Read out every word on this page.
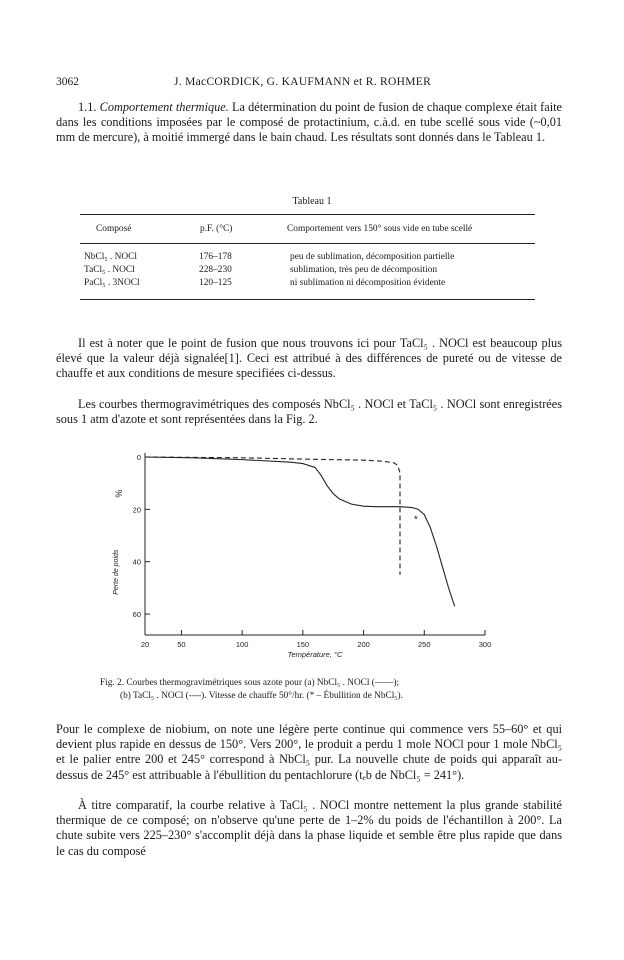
3062	J. MacCORDICK, G. KAUFMANN et R. ROHMER

1.1. Comportement thermique. La détermination du point de fusion de chaque complexe était faite dans les conditions imposées par le composé de protactinium, c.à.d. en tube scellé sous vide (~0,01 mm de mercure), à moitié immergé dans le bain chaud. Les résultats sont donnés dans le Tableau 1.

Tableau 1
Composé	p.F. (°C)	Comportement vers 150° sous vide en tube scellé
NbCl₅ . NOCl	176–178	peu de sublimation, décomposition partielle
TaCl₅ . NOCl	228–230	sublimation, très peu de décomposition
PaCl₅ . 3NOCl	120–125	ni sublimation ni décomposition évidente

Il est à noter que le point de fusion que nous trouvons ici pour TaCl₅ . NOCl est beaucoup plus élevé que la valeur déjà signalée[1]. Ceci est attribué à des différences de pureté ou de vitesse de chauffe et aux conditions de mesure specifiées ci-dessus.

Les courbes thermogravimétriques des composés NbCl₅ . NOCl et TaCl₅ . NOCl sont enregistrées sous 1 atm d'azote et sont représentées dans la Fig. 2.

20	50	100	150	200	250	300
0
20
40
60
*
Température, °C
%
Perte de poids
Fig. 2. Courbes thermogravimétriques sous azote pour (a) NbCl₅ . NOCl (——);
(b) TaCl₅ . NOCl (----). Vitesse de chauffe 50°/hr. (* – Ébullition de NbCl₅).

Pour le complexe de niobium, on note une légère perte continue qui commence vers 55–60° et qui devient plus rapide en dessus de 150°. Vers 200°, le produit a perdu 1 mole NOCl pour 1 mole NbCl₅ et le palier entre 200 et 245° correspond à NbCl₅ pur. La nouvelle chute de poids qui apparaît au-dessus de 245° est attribuable à l'ébullition du pentachlorure (tₑb de NbCl₅ = 241°).

À titre comparatif, la courbe relative à TaCl₅ . NOCl montre nettement la plus grande stabilité thermique de ce composé; on n'observe qu'une perte de 1–2% du poids de l'échantillon à 200°. La chute subite vers 225–230° s'accomplit déjà dans la phase liquide et semble être plus rapide que dans le cas du composé
